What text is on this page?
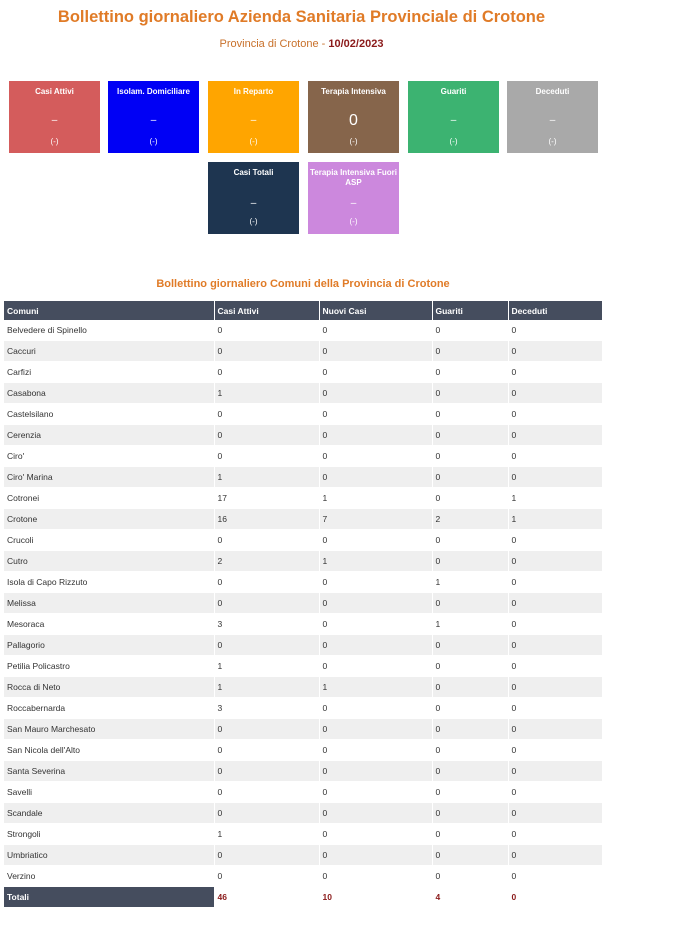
Bollettino giornaliero Azienda Sanitaria Provinciale di Crotone
Provincia di Crotone - 10/02/2023
Casi Attivi
–
(-)
Isolam. Domiciliare
–
(-)
In Reparto
–
(-)
Terapia Intensiva
0
(-)
Guariti
–
(-)
Deceduti
–
(-)
Casi Totali
–
(-)
Terapia Intensiva Fuori ASP
–
(-)
Bollettino giornaliero Comuni della Provincia di Crotone
Comuni	Casi Attivi	Nuovi Casi	Guariti	Deceduti
Belvedere di Spinello	0	0	0	0
Caccuri	0	0	0	0
Carfizi	0	0	0	0
Casabona	1	0	0	0
Castelsilano	0	0	0	0
Cerenzia	0	0	0	0
Ciro'	0	0	0	0
Ciro' Marina	1	0	0	0
Cotronei	17	1	0	1
Crotone	16	7	2	1
Crucoli	0	0	0	0
Cutro	2	1	0	0
Isola di Capo Rizzuto	0	0	1	0
Melissa	0	0	0	0
Mesoraca	3	0	1	0
Pallagorio	0	0	0	0
Petilia Policastro	1	0	0	0
Rocca di Neto	1	1	0	0
Roccabernarda	3	0	0	0
San Mauro Marchesato	0	0	0	0
San Nicola dell'Alto	0	0	0	0
Santa Severina	0	0	0	0
Savelli	0	0	0	0
Scandale	0	0	0	0
Strongoli	1	0	0	0
Umbriatico	0	0	0	0
Verzino	0	0	0	0
Totali	46	10	4	0
